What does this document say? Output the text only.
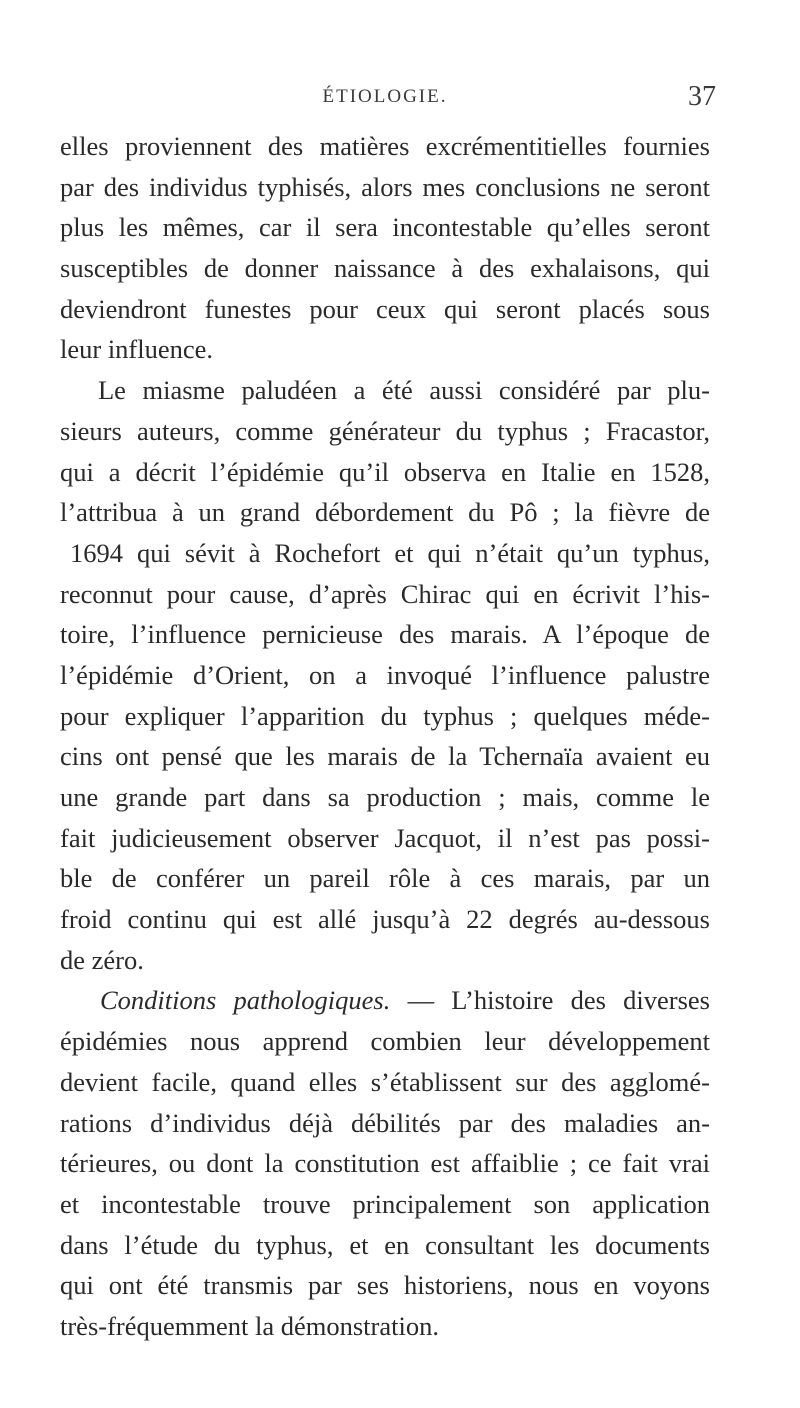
ÉTIOLOGIE.	37
elles proviennent des matières excrémentitielles fournies
par des individus typhisés, alors mes conclusions ne seront
plus les mêmes, car il sera incontestable qu’elles seront
susceptibles de donner naissance à des exhalaisons, qui
deviendront funestes pour ceux qui seront placés sous
leur influence.
Le miasme paludéen a été aussi considéré par plu-
sieurs auteurs, comme générateur du typhus ; Fracastor,
qui a décrit l’épidémie qu’il observa en Italie en 1528,
l’attribua à un grand débordement du Pô ; la fièvre de
1694 qui sévit à Rochefort et qui n’était qu’un typhus,
reconnut pour cause, d’après Chirac qui en écrivit l’his-
toire, l’influence pernicieuse des marais. A l’époque de
l’épidémie d’Orient, on a invoqué l’influence palustre
pour expliquer l’apparition du typhus ; quelques méde-
cins ont pensé que les marais de la Tchernaïa avaient eu
une grande part dans sa production ; mais, comme le
fait judicieusement observer Jacquot, il n’est pas possi-
ble de conférer un pareil rôle à ces marais, par un
froid continu qui est allé jusqu’à 22 degrés au-dessous
de zéro.
Conditions pathologiques. — L’histoire des diverses
épidémies nous apprend combien leur développement
devient facile, quand elles s’établissent sur des agglomé-
rations d’individus déjà débilités par des maladies an-
térieures, ou dont la constitution est affaiblie ; ce fait vrai
et incontestable trouve principalement son application
dans l’étude du typhus, et en consultant les documents
qui ont été transmis par ses historiens, nous en voyons
très-fréquemment la démonstration.
